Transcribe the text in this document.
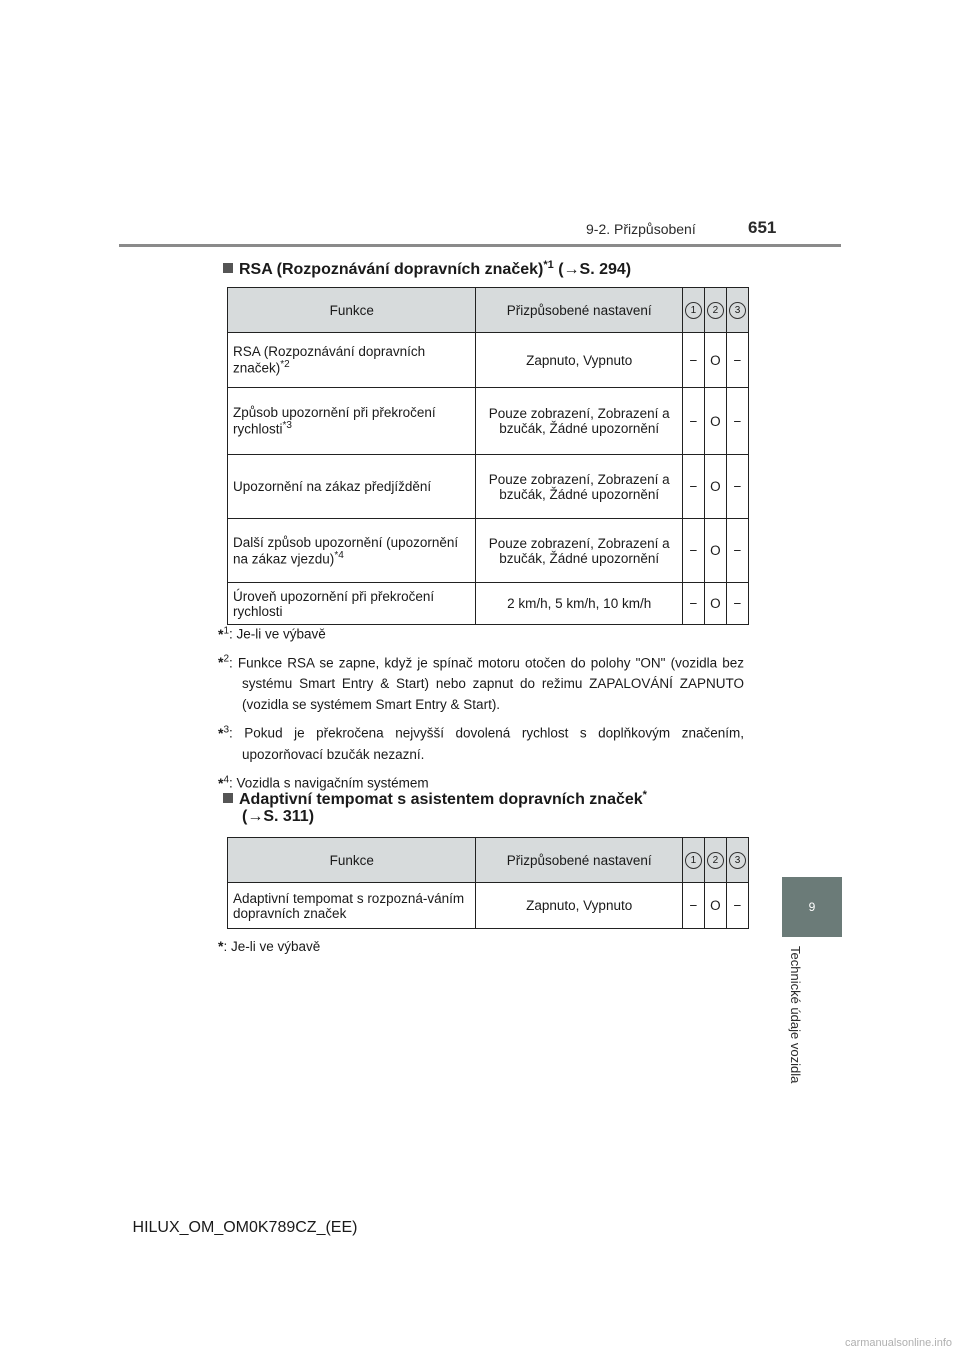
9-2. Přizpůsobení	651
9
Technické údaje vozidla
RSA (Rozpoznávání dopravních značek)$^{*1}$ (→S. 294)
Funkce	Přizpůsobené nastavení	1	2	3
RSA (Rozpoznávání dopravních značek)$^{*2}$	Zapnuto, Vypnuto	−	O	−
Způsob upozornění při překročení rychlosti$^{*3}$	Pouze zobrazení, Zobrazení a bzučák, Žádné upozornění	−	O	−
Upozornění na zákaz předjíždění	Pouze zobrazení, Zobrazení a bzučák, Žádné upozornění	−	O	−
Další způsob upozornění (upozornění na zákaz vjezdu)$^{*4}$	Pouze zobrazení, Zobrazení a bzučák, Žádné upozornění	−	O	−
Úroveň upozornění při překročení rychlosti	2 km/h, 5 km/h, 10 km/h	−	O	−
*$^1$: Je-li ve výbavě
*$^2$: Funkce RSA se zapne, když je spínač motoru otočen do polohy "ON" (vozidla bez systému Smart Entry & Start) nebo zapnut do režimu ZAPALOVÁNÍ ZAPNUTO (vozidla se systémem Smart Entry & Start).
*$^3$: Pokud je překročena nejvyšší dovolená rychlost s doplňkovým značením, upozorňovací bzučák nezazní.
*$^4$: Vozidla s navigačním systémem
Adaptivní tempomat s asistentem dopravních značek*
(→S. 311)
Funkce	Přizpůsobené nastavení	1	2	3
Adaptivní tempomat s rozpozná-váním dopravních značek	Zapnuto, Vypnuto	−	O	−
*: Je-li ve výbavě
HILUX_OM_OM0K789CZ_(EE)
carmanualsonline.info
